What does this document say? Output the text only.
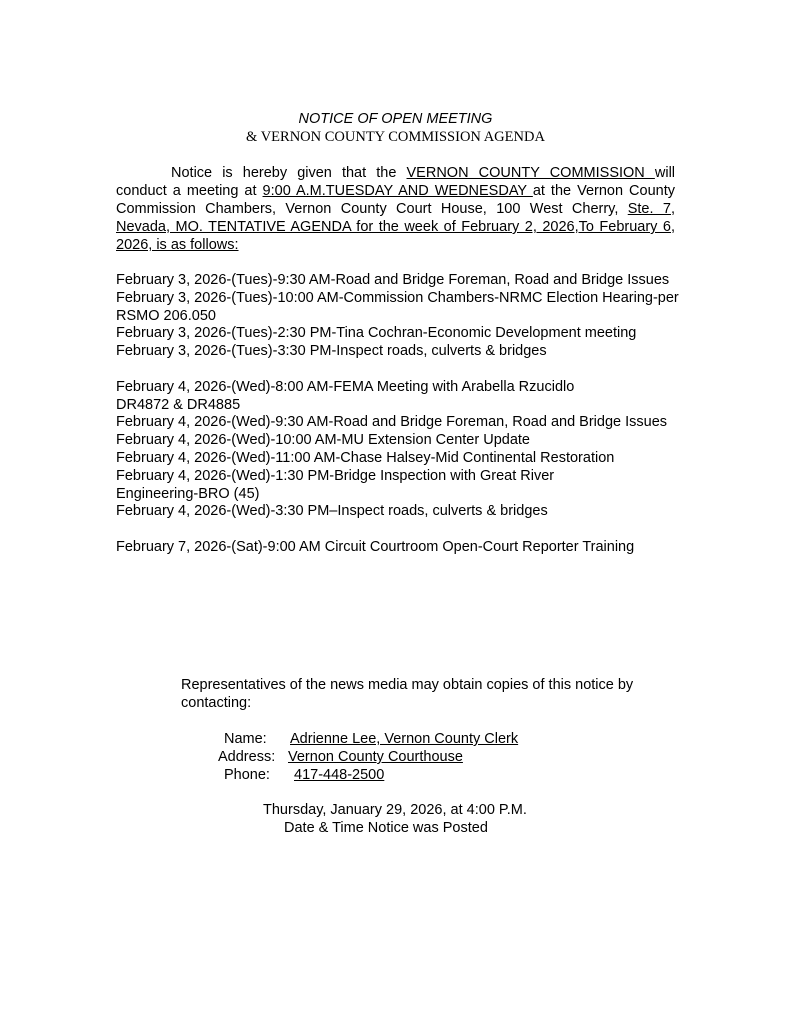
NOTICE OF OPEN MEETING
& VERNON COUNTY COMMISSION AGENDA
Notice is hereby given that the VERNON COUNTY COMMISSION will conduct a meeting at 9:00 A.M.TUESDAY AND WEDNESDAY at the Vernon County Commission Chambers, Vernon County Court House, 100 West Cherry, Ste. 7, Nevada, MO. TENTATIVE AGENDA for the week of February 2, 2026,To February 6, 2026, is as follows:

February 3, 2026-(Tues)-9:30 AM-Road and Bridge Foreman, Road and Bridge Issues

February 3, 2026-(Tues)-10:00 AM-Commission Chambers-NRMC Election Hearing-per RSMO 206.050

February 3, 2026-(Tues)-2:30 PM-Tina Cochran-Economic Development meeting

February 3, 2026-(Tues)-3:30 PM-Inspect roads, culverts & bridges

February 4, 2026-(Wed)-8:00 AM-FEMA Meeting with Arabella Rzucidlo DR4872 & DR4885

February 4, 2026-(Wed)-9:30 AM-Road and Bridge Foreman, Road and Bridge Issues

February 4, 2026-(Wed)-10:00 AM-MU Extension Center Update

February 4, 2026-(Wed)-11:00 AM-Chase Halsey-Mid Continental Restoration

February 4, 2026-(Wed)-1:30 PM-Bridge Inspection with Great River Engineering-BRO (45)

February 4, 2026-(Wed)-3:30 PM–Inspect roads, culverts & bridges

February 7, 2026-(Sat)-9:00 AM Circuit Courtroom Open-Court Reporter Training

Representatives of the news media may obtain copies of this notice by contacting:
Name:	Adrienne Lee, Vernon County Clerk
Address: Vernon County Courthouse
Phone:	417-448-2500
Thursday, January 29, 2026, at 4:00 P.M.
Date & Time Notice was Posted
